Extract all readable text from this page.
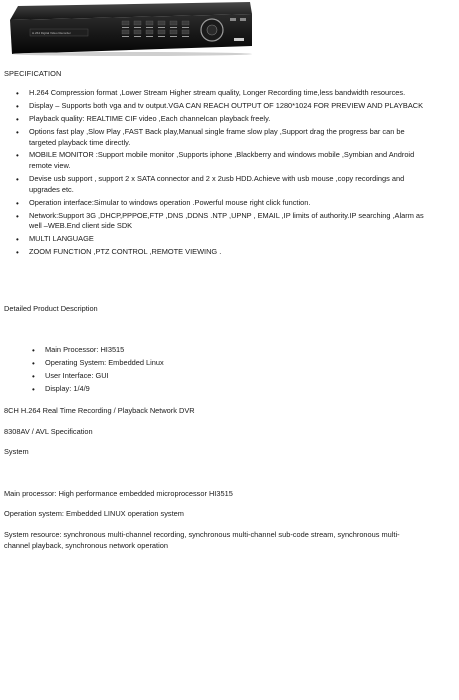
H.264 Digital Video Recorder
SPECIFICATION
• H.264 Compression format ,Lower Stream Higher stream quality, Longer Recording time,less bandwidth resources.
• Display – Supports both vga and tv output.VGA CAN REACH OUTPUT OF 1280*1024 FOR PREVIEW AND PLAYBACK
• Playback quality: REALTIME CIF video ,Each channelcan playback freely.
• Options fast play ,Slow Play ,FAST Back play,Manual single frame slow play ,Support drag the progress bar can be targeted playback time directly.
• MOBILE MONITOR :Support mobile monitor ,Supports iphone ,Blackberry and windows mobile ,Symbian and Android remote view.
• Devise usb support , support 2 x SATA connector and 2 x 2usb HDD.Achieve with usb mouse ,copy recordings and upgrades etc.
• Operation interface:Simular to windows operation .Powerful mouse right click function.
• Network:Support 3G ,DHCP,PPPOE,FTP ,DNS ,DDNS .NTP ,UPNP , EMAIL ,IP limits of authority.IP searching ,Alarm as well –WEB.End client side SDK
• MULTI LANGUAGE
• ZOOM FUNCTION ,PTZ CONTROL ,REMOTE VIEWING .
Detailed Product Description
• Main Processor: HI3515
• Operating System: Embedded Linux
• User Interface: GUI
• Display: 1/4/9
8CH H.264 Real Time Recording / Playback Network DVR
8308AV / AVL Specification
System
Main processor: High performance embedded microprocessor HI3515
Operation system: Embedded LINUX operation system
System resource: synchronous multi-channel recording, synchronous multi-channel sub-code stream, synchronous multi-channel playback, synchronous network operation
